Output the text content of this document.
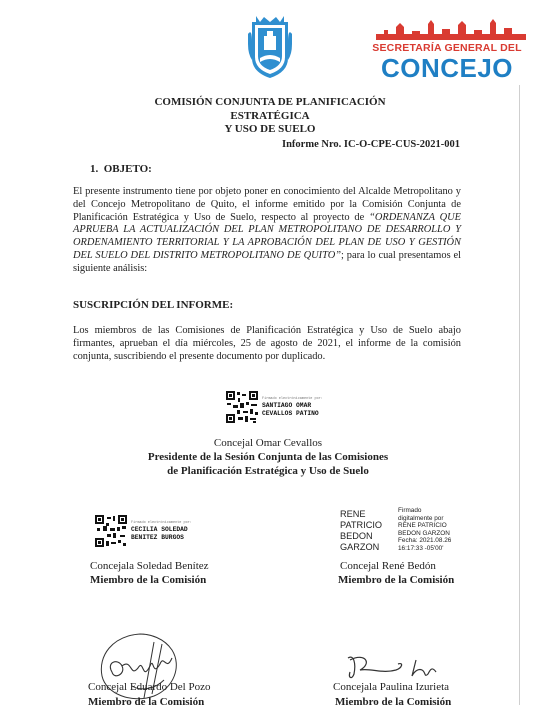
SECRETARÍA GENERAL DEL
CONCEJO
COMISIÓN CONJUNTA DE PLANIFICACIÓN ESTRATÉGICA
Y USO DE SUELO
Informe Nro. IC-O-CPE-CUS-2021-001
1.  OBJETO:
El presente instrumento tiene por objeto poner en conocimiento del Alcalde Metropolitano y del Concejo Metropolitano de Quito, el informe emitido por la Comisión Conjunta de Planificación Estratégica y Uso de Suelo, respecto al proyecto de “ORDENANZA QUE APRUEBA LA ACTUALIZACIÓN DEL PLAN METROPOLITANO DE DESARROLLO Y ORDENAMIENTO TERRITORIAL Y LA APROBACIÓN DEL PLAN DE USO Y GESTIÓN DEL SUELO DEL DISTRITO METROPOLITANO DE QUITO”; para lo cual presentamos el siguiente análisis:
SUSCRIPCIÓN DEL INFORME:
Los miembros de las Comisiones de Planificación Estratégica y Uso de Suelo abajo firmantes, aprueban el día miércoles, 25 de agosto de 2021, el informe de la comisión conjunta, suscribiendo el presente documento por duplicado.
Firmado electrónicamente por:
SANTIAGO OMAR
CEVALLOS PATINO
Concejal Omar Cevallos
Presidente de la Sesión Conjunta de las Comisiones
de Planificación Estratégica y Uso de Suelo
Firmado electrónicamente por:
CECILIA SOLEDAD
BENITEZ BURGOS
Concejala Soledad Benítez
Miembro de la Comisión
RENE
PATRICIO
BEDON
GARZON
Firmado
digitalmente por
RENE PATRICIO
BEDON GARZON
Fecha: 2021.08.26
16:17:33 -05'00'
Concejal René Bedón
Miembro de la Comisión
Concejal Eduardo Del Pozo
Miembro de la Comisión
Concejala Paulina Izurieta
Miembro de la Comisión
